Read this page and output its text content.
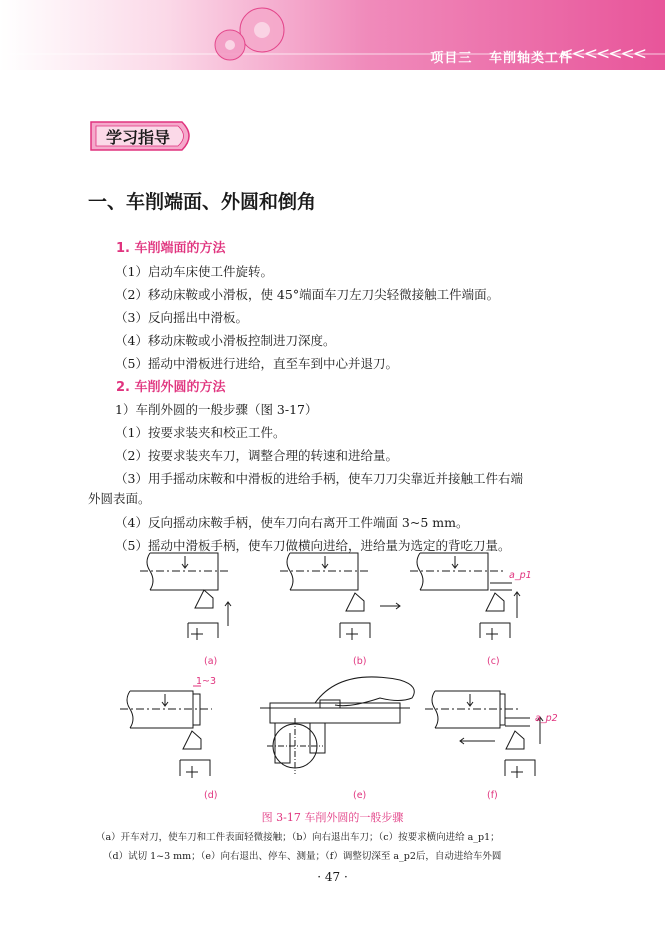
项目三   车削轴类工件
<<<<<<<
学习指导
一、车削端面、外圆和倒角
1. 车削端面的方法
（1）启动车床使工件旋转。
（2）移动床鞍或小滑板，使 45°端面车刀左刀尖轻微接触工件端面。
（3）反向摇出中滑板。
（4）移动床鞍或小滑板控制进刀深度。
（5）摇动中滑板进行进给，直至车到中心并退刀。
2. 车削外圆的方法
1）车削外圆的一般步骤（图 3-17）
（1）按要求装夹和校正工件。
（2）按要求装夹车刀，调整合理的转速和进给量。
（3）用手摇动床鞍和中滑板的进给手柄，使车刀刀尖靠近并接触工件右端
外圆表面。
（4）反向摇动床鞍手柄，使车刀向右离开工件端面 3~5 mm。
（5）摇动中滑板手柄，使车刀做横向进给，进给量为选定的背吃刀量。
a_p1
1~3
a_p2
(a)	(b)	(c)
(d)	(e)	(f)
图 3-17 车削外圆的一般步骤
（a）开车对刀，使车刀和工件表面轻微接触；（b）向右退出车刀；（c）按要求横向进给 a_p1；
（d）试切 1~3 mm；（e）向右退出、停车、测量；（f）调整切深至 a_p2后，自动进给车外圆
· 47 ·
